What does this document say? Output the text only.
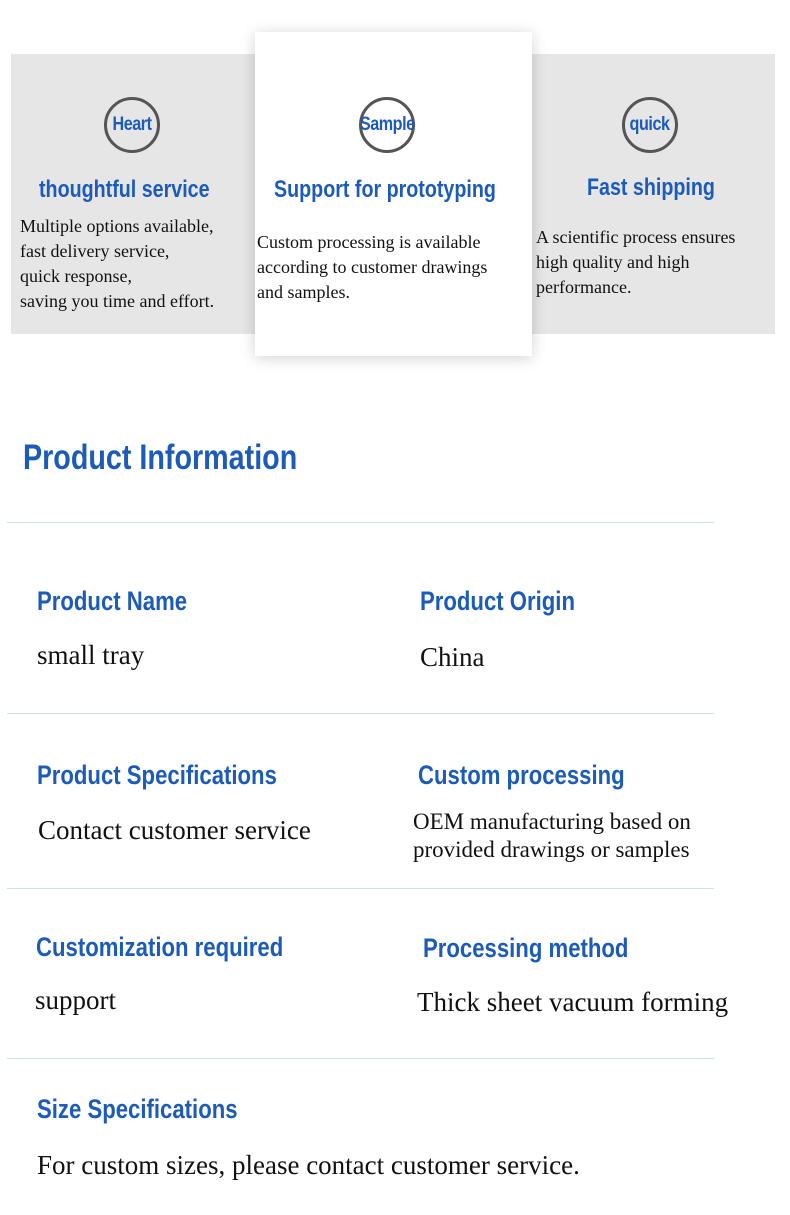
Heart
thoughtful service
Multiple options available,
fast delivery service,
quick response,
saving you time and effort.
Sample
Support for prototyping
Custom processing is available
according to customer drawings
and samples.
quick
Fast shipping
A scientific process ensures
high quality and high
performance.
Product Information
Product Name
small tray
Product Origin
China
Product Specifications
Contact customer service
Custom processing
OEM manufacturing based on
provided drawings or samples
Customization required
support
Processing method
Thick sheet vacuum forming
Size Specifications
For custom sizes, please contact customer service.
